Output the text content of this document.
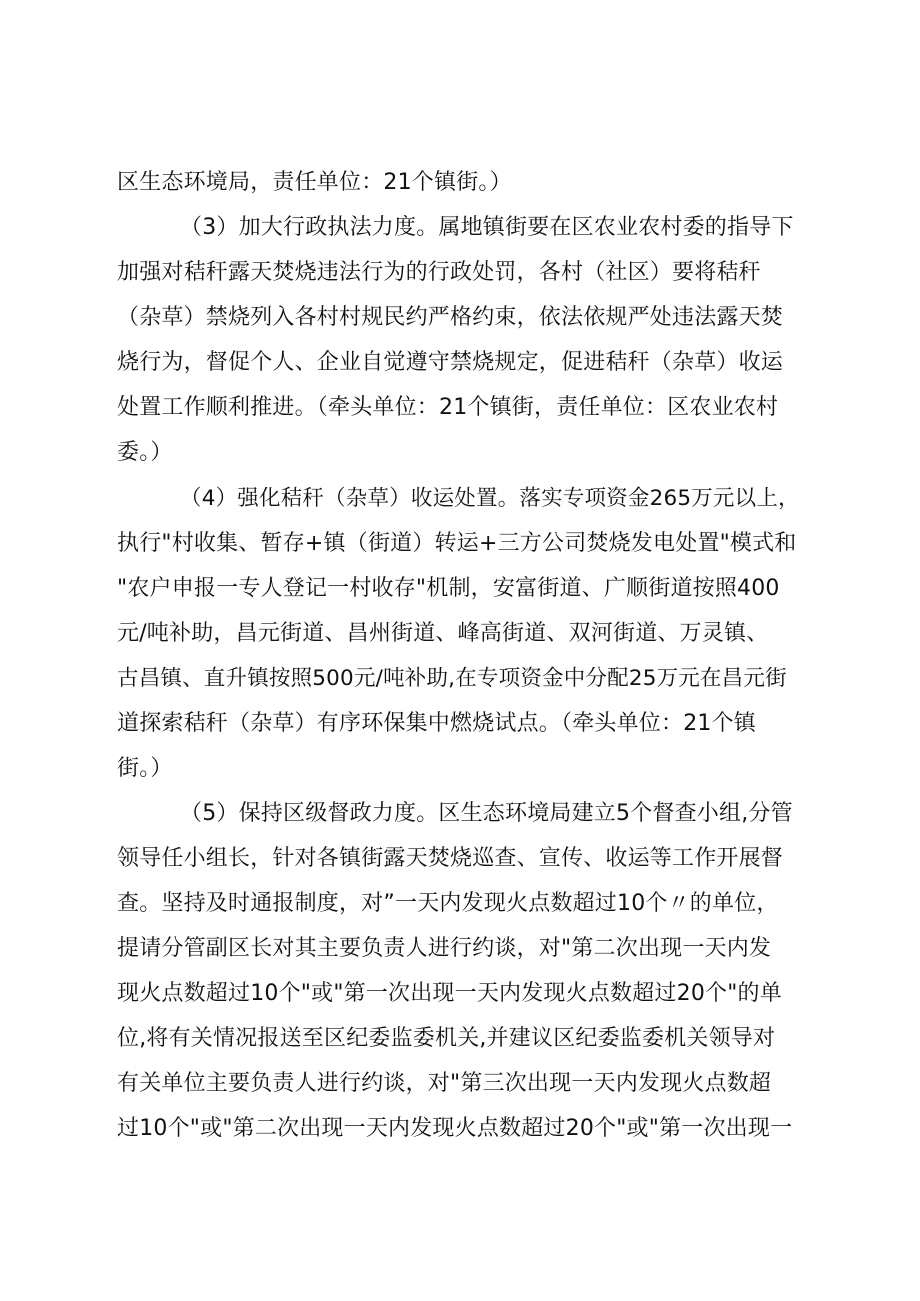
区生态环境局，责任单位：21个镇街。）
（3）加大行政执法力度。属地镇街要在区农业农村委的指导下
加强对秸秆露天焚烧违法行为的行政处罚，各村（社区）要将秸秆
（杂草）禁烧列入各村村规民约严格约束，依法依规严处违法露天焚
烧行为，督促个人、企业自觉遵守禁烧规定，促进秸秆（杂草）收运
处置工作顺利推进。（牵头单位：21个镇街，责任单位：区农业农村
委。）
（4）强化秸秆（杂草）收运处置。落实专项资金265万元以上，
执行"村收集、暂存+镇（街道）转运+三方公司焚烧发电处置"模式和
"农户申报一专人登记一村收存"机制，安富街道、广顺街道按照400
元/吨补助，昌元街道、昌州街道、峰高街道、双河街道、万灵镇、
古昌镇、直升镇按照500元/吨补助,在专项资金中分配25万元在昌元街
道探索秸秆（杂草）有序环保集中燃烧试点。（牵头单位：21个镇
街。）
（5）保持区级督政力度。区生态环境局建立5个督查小组,分管
领导任小组长，针对各镇街露天焚烧巡查、宣传、收运等工作开展督
查。坚持及时通报制度，对”一天内发现火点数超过10个〃的单位，
提请分管副区长对其主要负责人进行约谈，对"第二次出现一天内发
现火点数超过10个"或"第一次出现一天内发现火点数超过20个"的单
位,将有关情况报送至区纪委监委机关,并建议区纪委监委机关领导对
有关单位主要负责人进行约谈，对"第三次出现一天内发现火点数超
过10个"或"第二次出现一天内发现火点数超过20个"或"第一次出现一
